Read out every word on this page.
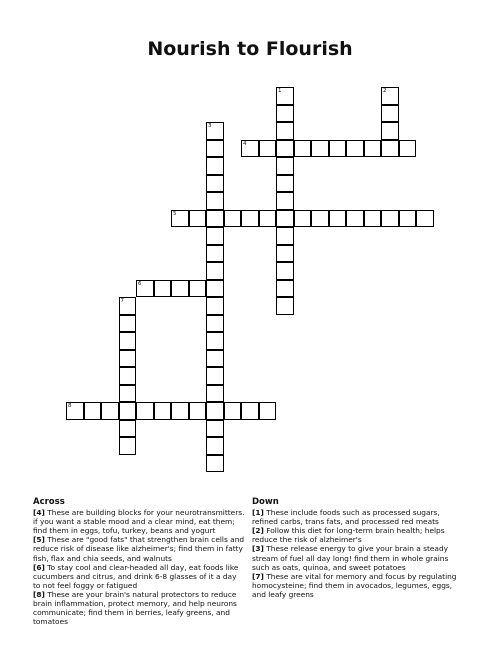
Nourish to Flourish
1	2
3
4
5
6
7
8
Across

[4] These are building blocks for your neurotransmitters. if you want a stable mood and a clear mind, eat them; find them in eggs, tofu, turkey, beans and yogurt

[5] These are "good fats" that strengthen brain cells and reduce risk of disease like alzheimer's; find them in fatty fish, flax and chia seeds, and walnuts

[6] To stay cool and clear-headed all day, eat foods like cucumbers and citrus, and drink 6-8 glasses of it a day to not feel foggy or fatigued

[8] These are your brain's natural protectors to reduce brain inflammation, protect memory, and help neurons communicate; find them in berries, leafy greens, and tomatoes

Down

[1] These include foods such as processed sugars, refined carbs, trans fats, and processed red meats

[2] Follow this diet for long-term brain health; helps reduce the risk of alzheimer's

[3] These release energy to give your brain a steady stream of fuel all day long! find them in whole grains such as oats, quinoa, and sweet potatoes

[7] These are vital for memory and focus by regulating homocysteine; find them in avocados, legumes, eggs, and leafy greens
